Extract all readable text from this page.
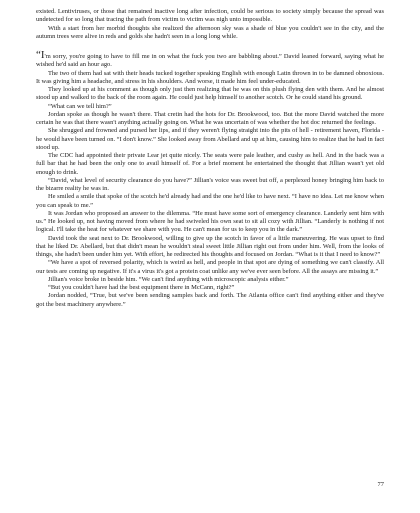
existed. Lentiviruses, or those that remained inactive long after infection, could be serious to society simply because the spread was undetected for so long that tracing the path from victim to victim was nigh unto impossible.

With a start from her morbid thoughts she realized the afternoon sky was a shade of blue you couldn't see in the city, and the autumn trees were alive in reds and golds she hadn't seen in a long long while.

“I'm sorry, you're going to have to fill me in on what the fuck you two are babbling about.” David leaned forward, saying what he wished he'd said an hour ago.

The two of them had sat with their heads tucked together speaking English with enough Latin thrown in to be damned obnoxious. It was giving him a headache, and stress in his shoulders. And worse, it made him feel under-educated.

They looked up at his comment as though only just then realizing that he was on this plush flying den with them. And he almost stood up and walked to the back of the room again. He could just help himself to another scotch. Or he could stand his ground.

“What can we tell him?”

Jordan spoke as though he wasn't there. That cretin had the hots for Dr. Brookwood, too. But the more David watched the more certain he was that there wasn't anything actually going on. What he was uncertain of was whether the hot doc returned the feelings.

She shrugged and frowned and pursed her lips, and if they weren't flying straight into the pits of hell - retirement haven, Florida - he would have been turned on. “I don't know.” She looked away from Abellard and up at him, causing him to realize that he had in fact stood up.

The CDC had appointed their private Lear jet quite nicely. The seats were pale leather, and cushy as hell. And in the back was a full bar that he had been the only one to avail himself of. For a brief moment he entertained the thought that Jillian wasn't yet old enough to drink.

“David, what level of security clearance do you have?” Jillian's voice was sweet but off, a perplexed honey bringing him back to the bizarre reality he was in.

He smiled a smile that spoke of the scotch he'd already had and the one he'd like to have next. “I have no idea. Let me know when you can speak to me.”

It was Jordan who proposed an answer to the dilemma. “He must have some sort of emergency clearance. Landerly sent him with us.” He looked up, not having moved from where he had swiveled his own seat to sit all cozy with Jillian. “Landerly is nothing if not logical. I'll take the heat for whatever we share with you. He can't mean for us to keep you in the dark.”

David took the seat next to Dr. Brookwood, willing to give up the scotch in favor of a little maneuvering. He was upset to find that he liked Dr. Abellard, but that didn't mean he wouldn't steal sweet little Jillian right out from under him. Well, from the looks of things, she hadn't been under him yet. With effort, he redirected his thoughts and focused on Jordan. “What is it that I need to know?”

“We have a spot of reversed polarity, which is weird as hell, and people in that spot are dying of something we can't classify. All our tests are coming up negative. If it's a virus it's got a protein coat unlike any we've ever seen before. All the assays are missing it.”

Jillian's voice broke in beside him. “We can't find anything with microscopic analysis either.”

“But you couldn't have had the best equipment there in McCann, right?”

Jordan nodded, “True, but we've been sending samples back and forth. The Atlanta office can't find anything either and they've got the best machinery anywhere.”

77
